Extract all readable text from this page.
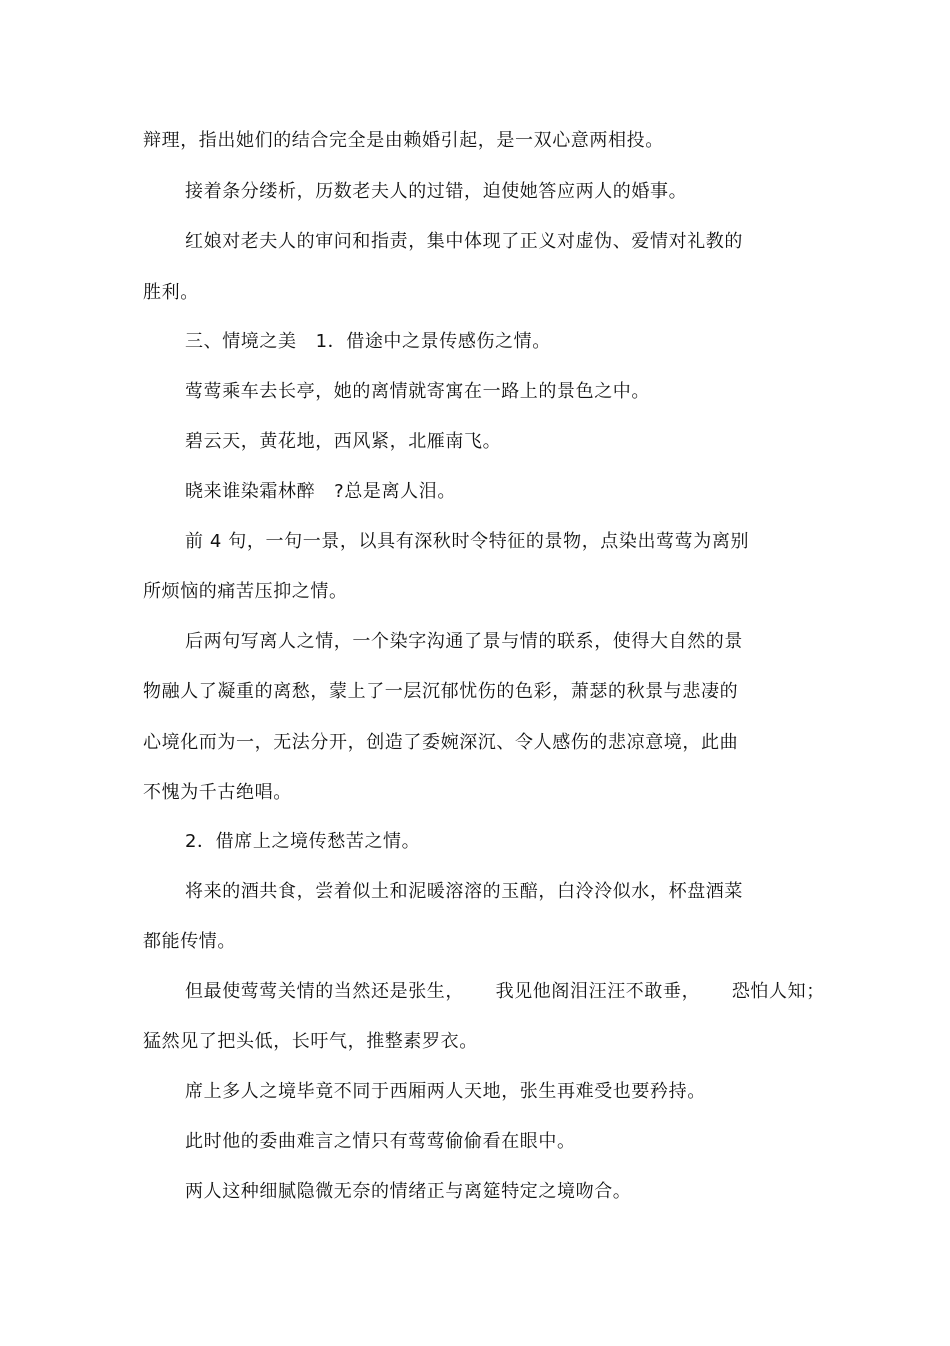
辩理，指出她们的结合完全是由赖婚引起，是一双心意两相投。
接着条分缕析，历数老夫人的过错，迫使她答应两人的婚事。
红娘对老夫人的审问和指责，集中体现了正义对虚伪、爱情对礼教的
胜利。
三、情境之美   1．借途中之景传感伤之情。
莺莺乘车去长亭，她的离情就寄寓在一路上的景色之中。
碧云天，黄花地，西风紧，北雁南飞。
晓来谁染霜林醉   ?总是离人泪。
前 4 句，一句一景，以具有深秋时令特征的景物，点染出莺莺为离别
所烦恼的痛苦压抑之情。
后两句写离人之情，一个染字沟通了景与情的联系，使得大自然的景
物融人了凝重的离愁，蒙上了一层沉郁忧伤的色彩，萧瑟的秋景与悲凄的
心境化而为一，无法分开，创造了委婉深沉、令人感伤的悲凉意境，此曲
不愧为千古绝唱。
2．借席上之境传愁苦之情。
将来的酒共食，尝着似土和泥暖溶溶的玉醅，白泠泠似水，杯盘酒菜
都能传情。
但最使莺莺关情的当然还是张生，     我见他阁泪汪汪不敢垂，     恐怕人知；
猛然见了把头低，长吁气，推整素罗衣。
席上多人之境毕竟不同于西厢两人天地，张生再难受也要矜持。
此时他的委曲难言之情只有莺莺偷偷看在眼中。
两人这种细腻隐微无奈的情绪正与离筵特定之境吻合。
